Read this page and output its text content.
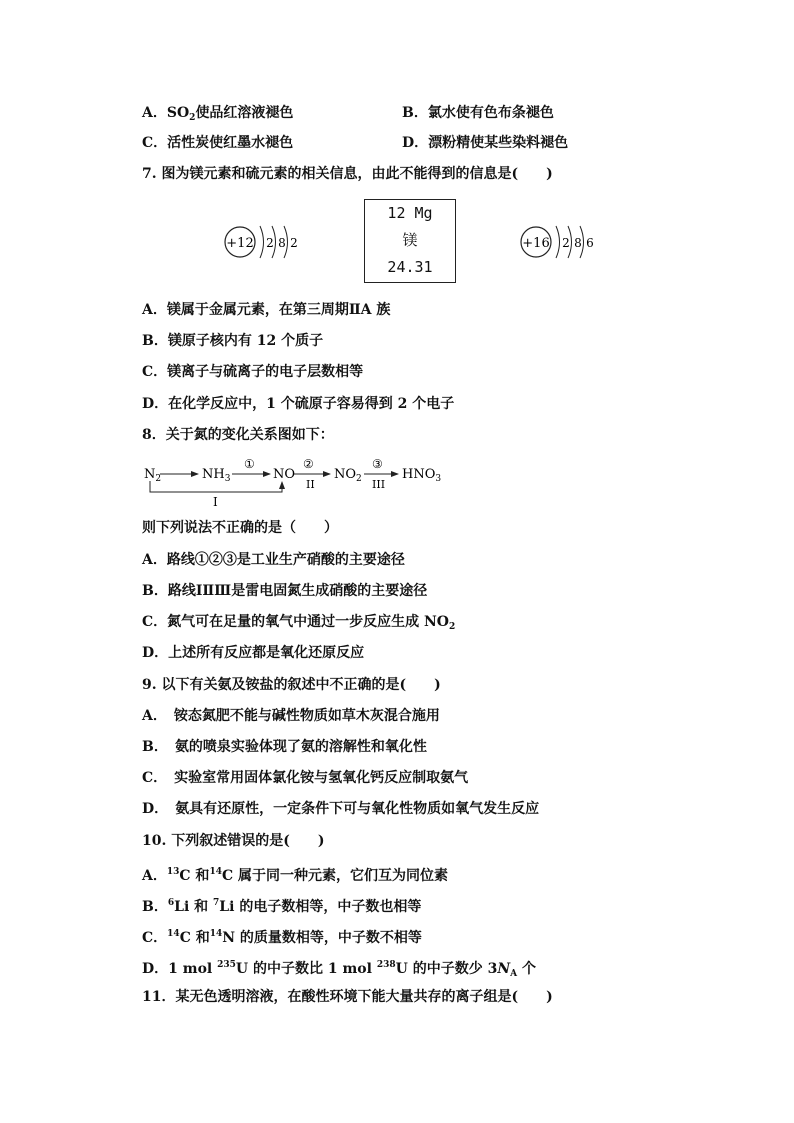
A．$SO_2$使品红溶液褪色	B．氯水使有色布条褪色
C．活性炭使红墨水褪色	D．漂粉精使某些染料褪色
7. 图为镁元素和硫元素的相关信息，由此不能得到的信息是(　　)
+12 2 8 2
12 Mg
镁
24.31
+16 2 8 6
A．镁属于金属元素，在第三周期ⅡA 族
B．镁原子核内有 12 个质子
C．镁离子与硫离子的电子层数相等
D．在化学反应中，1 个硫原子容易得到 2 个电子
8．关于氮的变化关系图如下：
$N_2$	$NH_3$
①
NO
②
II
$NO_2$
③
III
$HNO_3$
I
则下列说法不正确的是（　　）
A．路线①②③是工业生产硝酸的主要途径
B．路线ⅠⅡⅢ是雷电固氮生成硝酸的主要途径
C．氮气可在足量的氧气中通过一步反应生成 $NO_2$
D．上述所有反应都是氧化还原反应
9. 以下有关氨及铵盐的叙述中不正确的是(　　)
A．　铵态氮肥不能与碱性物质如草木灰混合施用
B．　氨的喷泉实验体现了氨的溶解性和氧化性
C．　实验室常用固体氯化铵与氢氧化钙反应制取氨气
D．　氨具有还原性，一定条件下可与氧化性物质如氧气发生反应
10. 下列叙述错误的是(　　)
A．$^{13}$C 和$^{14}$C 属于同一种元素，它们互为同位素
B．$^6$Li 和 $^7$Li 的电子数相等，中子数也相等
C．$^{14}$C 和$^{14}$N 的质量数相等，中子数不相等
D．1 mol $^{235}$U 的中子数比 1 mol $^{238}$U 的中子数少 $3N_A$ 个
11．某无色透明溶液，在酸性环境下能大量共存的离子组是(　　)
